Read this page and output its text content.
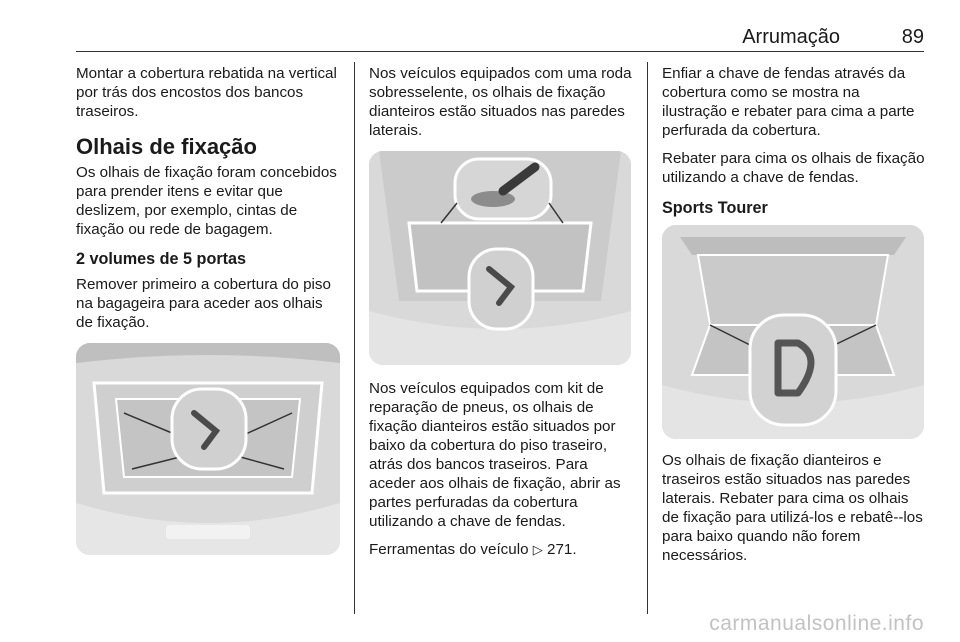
Arrumação	89

Montar a cobertura rebatida na vertical por trás dos encostos dos bancos traseiros.

Olhais de fixação

Os olhais de fixação foram concebidos para prender itens e evitar que deslizem, por exemplo, cintas de fixação ou rede de bagagem.

2 volumes de 5 portas

Remover primeiro a cobertura do piso na bagageira para aceder aos olhais de fixação.

Nos veículos equipados com uma roda sobresselente, os olhais de fixação dianteiros estão situados nas paredes laterais.

Nos veículos equipados com kit de reparação de pneus, os olhais de fixação dianteiros estão situados por baixo da cobertura do piso traseiro, atrás dos bancos traseiros. Para aceder aos olhais de fixação, abrir as partes perfuradas da cobertura utilizando a chave de fendas.

Ferramentas do veículo ▷ 271.

Enfiar a chave de fendas através da cobertura como se mostra na ilustração e rebater para cima a parte perfurada da cobertura.

Rebater para cima os olhais de fixação utilizando a chave de fendas.

Sports Tourer

Os olhais de fixação dianteiros e traseiros estão situados nas paredes laterais. Rebater para cima os olhais de fixação para utilizá-los e rebatê--los para baixo quando não forem necessários.

carmanualsonline.info
